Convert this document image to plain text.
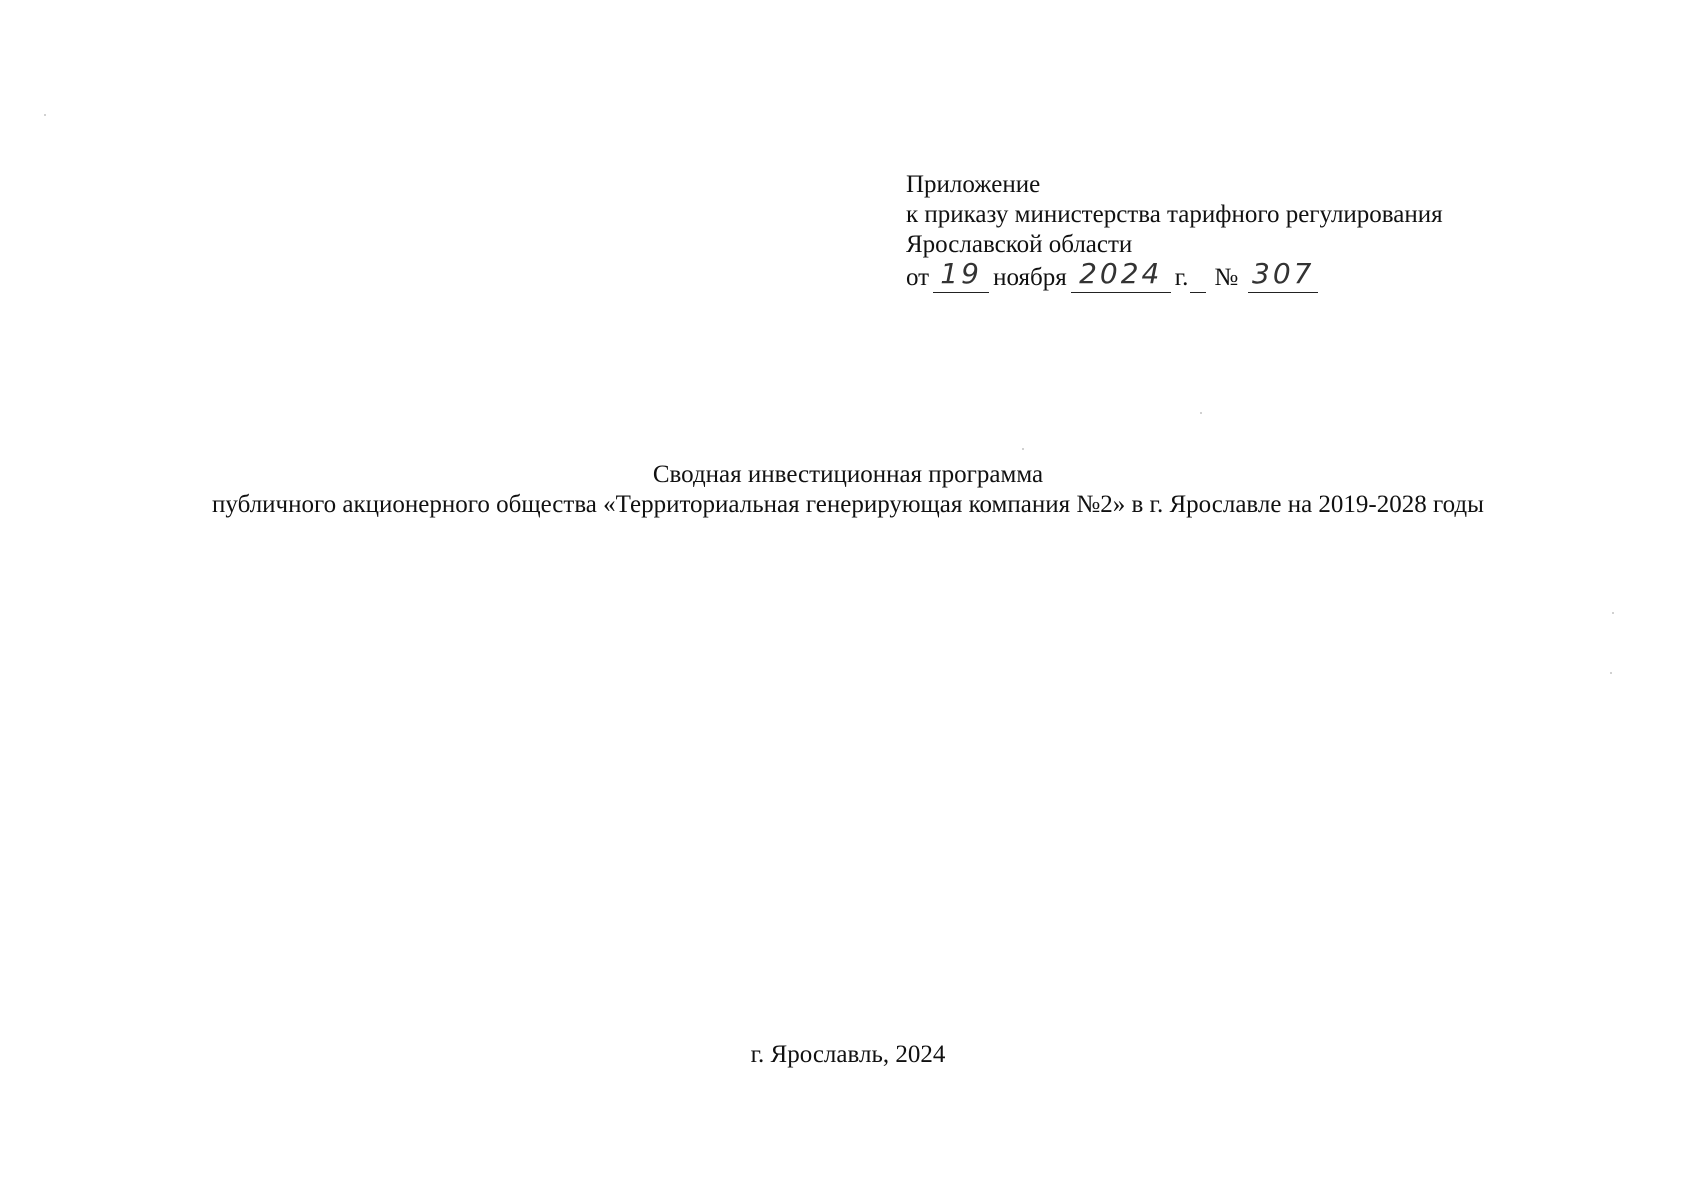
Приложение
к приказу министерства тарифного регулирования
Ярославской области
от 19 ноября 2024 г. № 307
Сводная инвестиционная программа
публичного акционерного общества «Территориальная генерирующая компания №2» в г. Ярославле на 2019-2028 годы
г. Ярославль, 2024
